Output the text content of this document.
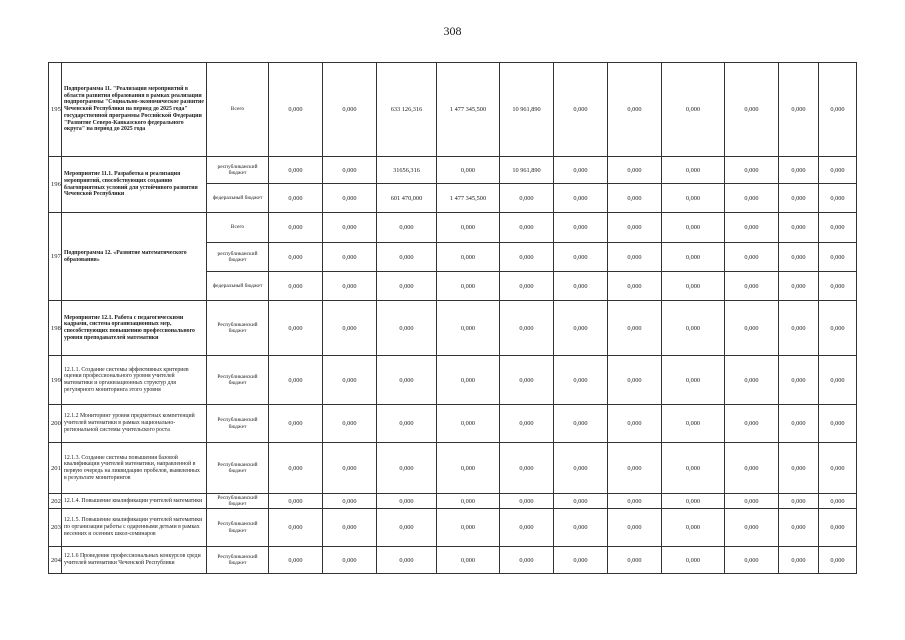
308
195	Подпрограмма 11. "Реализация мероприятий в области развития образования в рамках реализации подпрограммы "Социально-экономическое развитие Чеченской Республики на период до 2025 года" государственной программы Российской Федерации "Развитие Северо-Кавказского федерального округа" на период до 2025 года	Всего	0,000	0,000	633 126,316	1 477 345,500	10 961,890	0,000	0,000	0,000	0,000	0,000	0,000
196	Мероприятие 11.1. Разработка и реализация мероприятий, способствующих созданию благоприятных условий для устойчивого развития Чеченской Республики	республиканский бюджет	0,000	0,000	31656,316	0,000	10 961,890	0,000	0,000	0,000	0,000	0,000	0,000
		федеральный бюджет	0,000	0,000	601 470,000	1 477 345,500	0,000	0,000	0,000	0,000	0,000	0,000	0,000
197	Подпрограмма 12. «Развитие математического образования»	Всего	0,000	0,000	0,000	0,000	0,000	0,000	0,000	0,000	0,000	0,000	0,000
		республиканский бюджет	0,000	0,000	0,000	0,000	0,000	0,000	0,000	0,000	0,000	0,000	0,000
		федеральный бюджет	0,000	0,000	0,000	0,000	0,000	0,000	0,000	0,000	0,000	0,000	0,000
198	Мероприятие 12.1. Работа с педагогическими кадрами, система организационных мер, способствующих повышению профессионального уровня преподавателей математики	Республиканский бюджет	0,000	0,000	0,000	0,000	0,000	0,000	0,000	0,000	0,000	0,000	0,000
199	12.1.1. Создание системы эффективных критериев оценки профессионального уровня учителей математики и организационных структур для регулярного мониторинга этого уровня	Республиканский бюджет	0,000	0,000	0,000	0,000	0,000	0,000	0,000	0,000	0,000	0,000	0,000
200	12.1.2 Мониторинг уровня предметных компетенций учителей математики в рамках национально-региональной системы учительского роста	Республиканский бюджет	0,000	0,000	0,000	0,000	0,000	0,000	0,000	0,000	0,000	0,000	0,000
201	12.1.3. Создание системы повышения базовой квалификации учителей математики, направленной в первую очередь на ликвидацию пробелов, выявленных в результате мониторингов	Республиканский бюджет	0,000	0,000	0,000	0,000	0,000	0,000	0,000	0,000	0,000	0,000	0,000
202	12.1.4. Повышение квалификации учителей математики	Республиканский бюджет	0,000	0,000	0,000	0,000	0,000	0,000	0,000	0,000	0,000	0,000	0,000
203	12.1.5. Повышение квалификации учителей математики по организации работы с одаренными детьми в рамках весенних и осенних школ-семинаров	Республиканский бюджет	0,000	0,000	0,000	0,000	0,000	0,000	0,000	0,000	0,000	0,000	0,000
204	12.1.6 Проведение профессиональных конкурсов среди учителей математики Чеченской Республики	Республиканский бюджет	0,000	0,000	0,000	0,000	0,000	0,000	0,000	0,000	0,000	0,000	0,000
